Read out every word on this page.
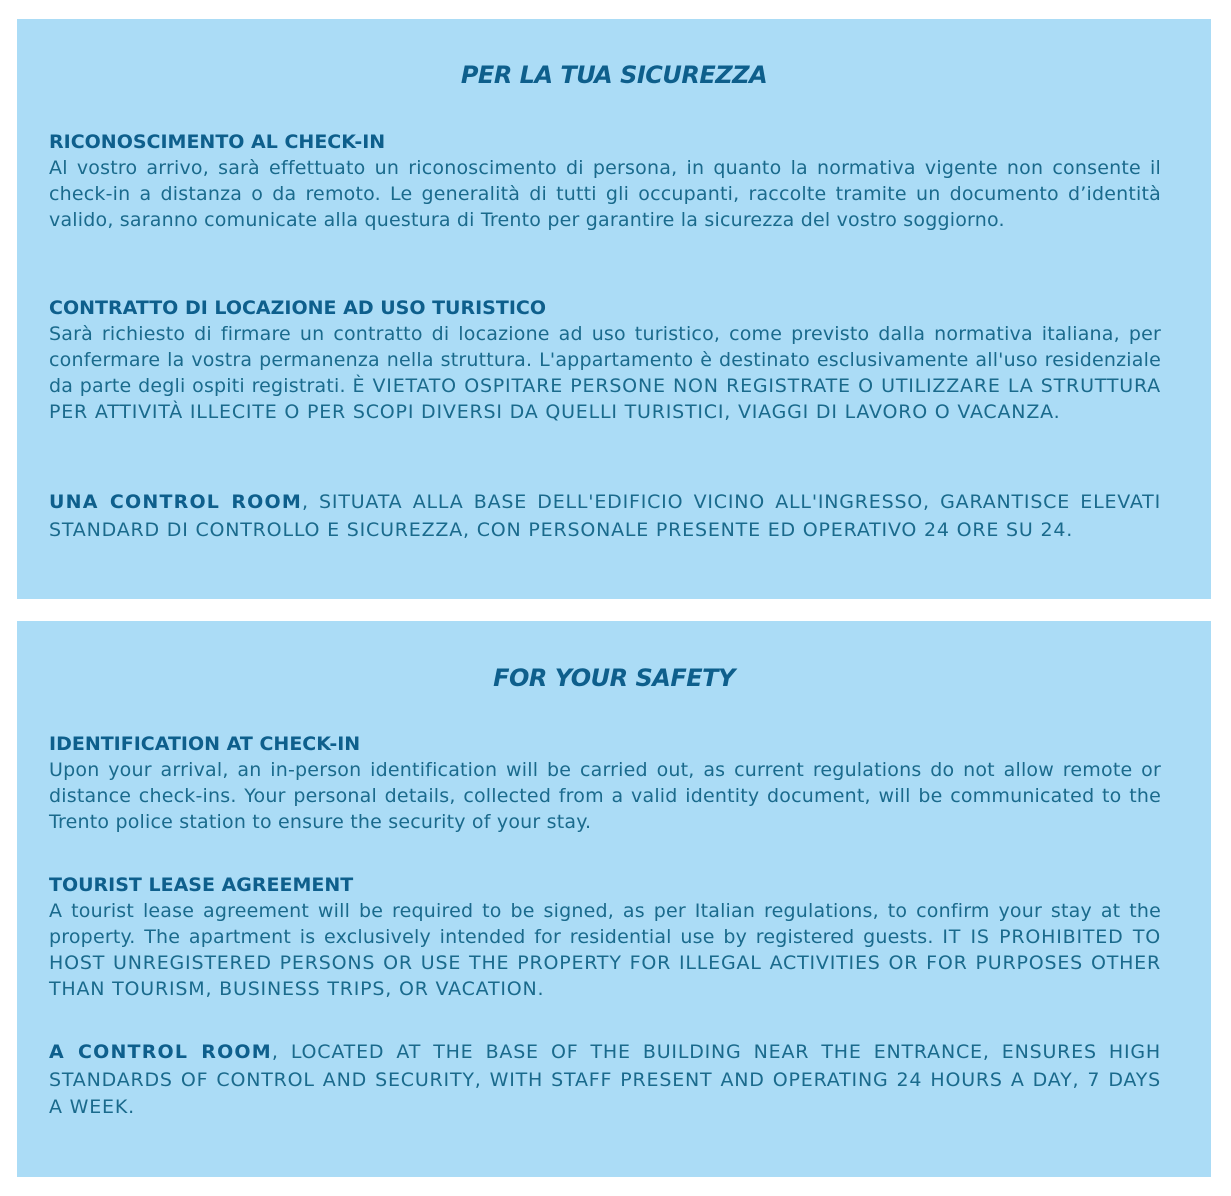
PER LA TUA SICUREZZA
RICONOSCIMENTO AL CHECK-IN

Al vostro arrivo, sarà effettuato un riconoscimento di persona, in quanto la normativa vigente non consente il check-in a distanza o da remoto. Le generalità di tutti gli occupanti, raccolte tramite un documento d’identità valido, saranno comunicate alla questura di Trento per garantire la sicurezza del vostro soggiorno.

CONTRATTO DI LOCAZIONE AD USO TURISTICO

Sarà richiesto di firmare un contratto di locazione ad uso turistico, come previsto dalla normativa italiana, per confermare la vostra permanenza nella struttura. L'appartamento è destinato esclusivamente all'uso residenziale da parte degli ospiti registrati. È VIETATO OSPITARE PERSONE NON REGISTRATE O UTILIZZARE LA STRUTTURA PER ATTIVITÀ ILLECITE O PER SCOPI DIVERSI DA QUELLI TURISTICI, VIAGGI DI LAVORO O VACANZA.

UNA CONTROL ROOM, SITUATA ALLA BASE DELL'EDIFICIO VICINO ALL'INGRESSO, GARANTISCE ELEVATI STANDARD DI CONTROLLO E SICUREZZA, CON PERSONALE PRESENTE ED OPERATIVO 24 ORE SU 24.

FOR YOUR SAFETY
IDENTIFICATION AT CHECK-IN

Upon your arrival, an in-person identification will be carried out, as current regulations do not allow remote or distance check-ins. Your personal details, collected from a valid identity document, will be communicated to the Trento police station to ensure the security of your stay.

TOURIST LEASE AGREEMENT

A tourist lease agreement will be required to be signed, as per Italian regulations, to confirm your stay at the property. The apartment is exclusively intended for residential use by registered guests. IT IS PROHIBITED TO HOST UNREGISTERED PERSONS OR USE THE PROPERTY FOR ILLEGAL ACTIVITIES OR FOR PURPOSES OTHER THAN TOURISM, BUSINESS TRIPS, OR VACATION.

A CONTROL ROOM, LOCATED AT THE BASE OF THE BUILDING NEAR THE ENTRANCE, ENSURES HIGH STANDARDS OF CONTROL AND SECURITY, WITH STAFF PRESENT AND OPERATING 24 HOURS A DAY, 7 DAYS A WEEK.
